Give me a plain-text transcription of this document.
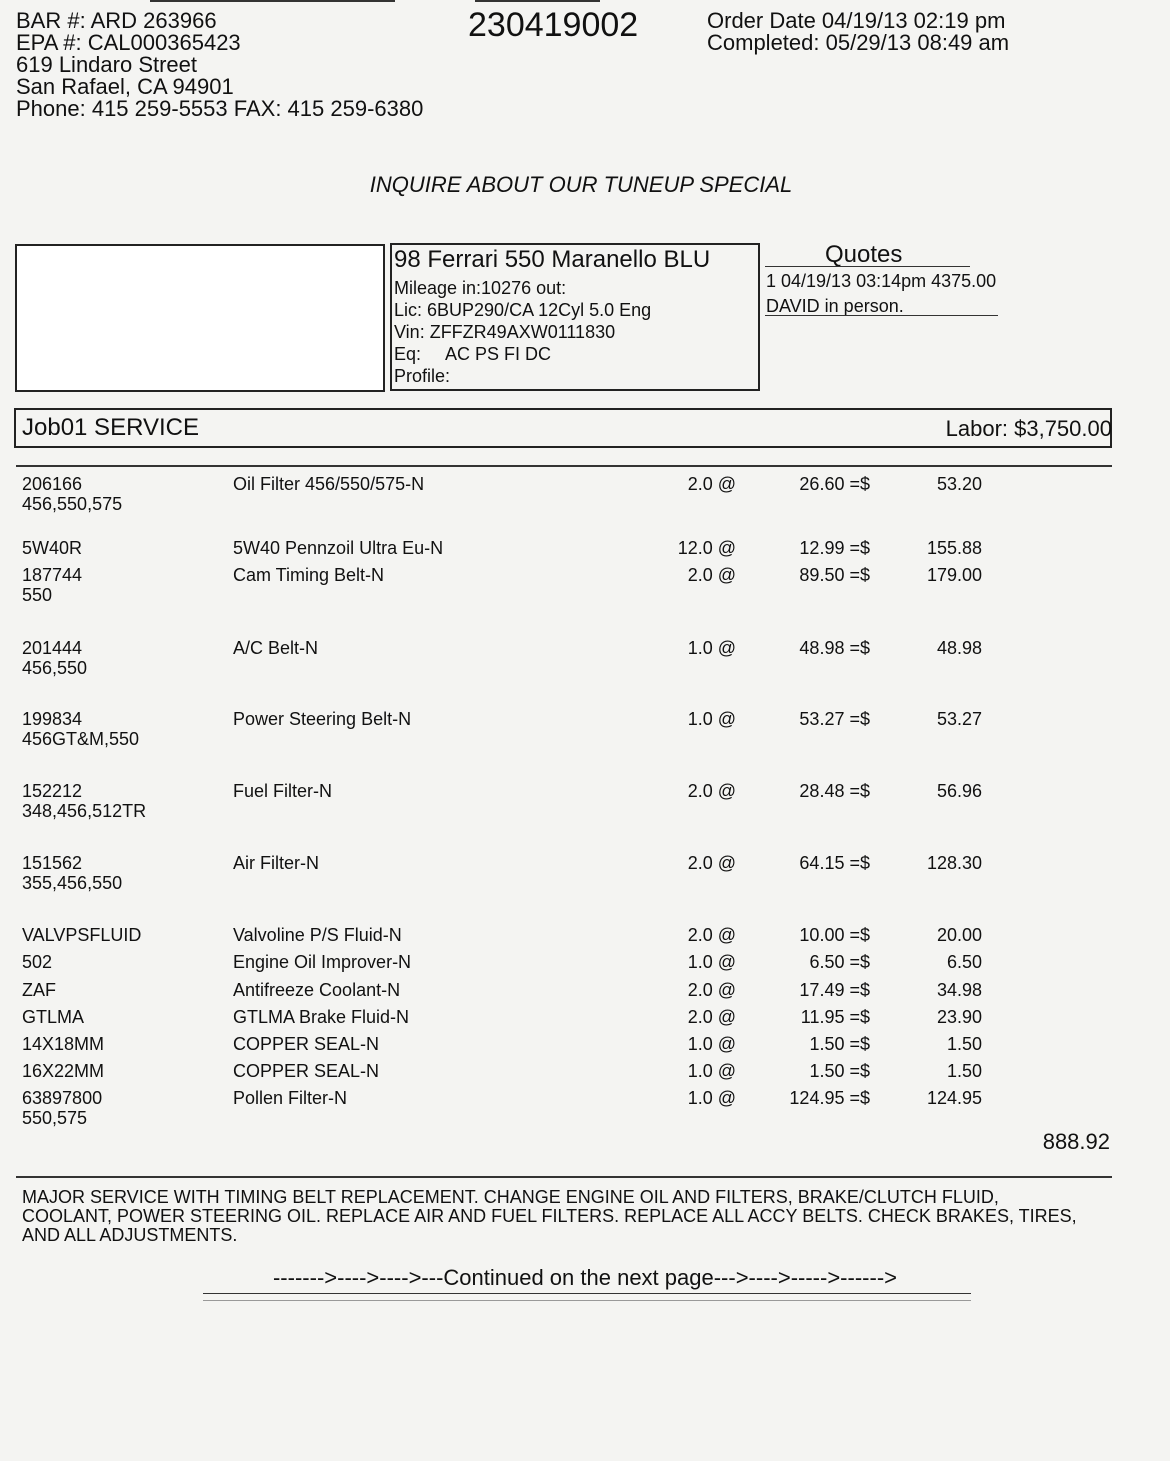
BAR #: ARD 263966
EPA #: CAL000365423
619 Lindaro Street
San Rafael, CA 94901
Phone: 415 259-5553 FAX: 415 259-6380
230419002	Order Date 04/19/13 02:19 pm
Completed: 05/29/13 08:49 am
INQUIRE ABOUT OUR TUNEUP SPECIAL
98 Ferrari 550 Maranello BLU
Mileage in:10276 out:
Lic: 6BUP290/CA 12Cyl 5.0 Eng
Vin: ZFFZR49AXW0111830
Eq:     AC PS FI DC
Profile:
Quotes
1 04/19/13 03:14pm 4375.00
DAVID in person.
Job01 SERVICE	Labor: $3,750.00
206166	Oil Filter 456/550/575-N	2.0 @	26.60 =$	53.20
456,550,575
5W40R	5W40 Pennzoil Ultra Eu-N	12.0 @	12.99 =$	155.88
187744	Cam Timing Belt-N	2.0 @	89.50 =$	179.00
550
201444	A/C Belt-N	1.0 @	48.98 =$	48.98
456,550
199834	Power Steering Belt-N	1.0 @	53.27 =$	53.27
456GT&M,550
152212	Fuel Filter-N	2.0 @	28.48 =$	56.96
348,456,512TR
151562	Air Filter-N	2.0 @	64.15 =$	128.30
355,456,550
VALVPSFLUID	Valvoline P/S Fluid-N	2.0 @	10.00 =$	20.00
502	Engine Oil Improver-N	1.0 @	6.50 =$	6.50
ZAF	Antifreeze Coolant-N	2.0 @	17.49 =$	34.98
GTLMA	GTLMA Brake Fluid-N	2.0 @	11.95 =$	23.90
14X18MM	COPPER SEAL-N	1.0 @	1.50 =$	1.50
16X22MM	COPPER SEAL-N	1.0 @	1.50 =$	1.50
63897800	Pollen Filter-N	1.0 @	124.95 =$	124.95
550,575
888.92
MAJOR SERVICE WITH TIMING BELT REPLACEMENT. CHANGE ENGINE OIL AND FILTERS, BRAKE/CLUTCH FLUID, COOLANT, POWER STEERING OIL. REPLACE AIR AND FUEL FILTERS. REPLACE ALL ACCY BELTS. CHECK BRAKES, TIRES, AND ALL ADJUSTMENTS.
------->---->---->---Continued on the next page--->---->----->------>
